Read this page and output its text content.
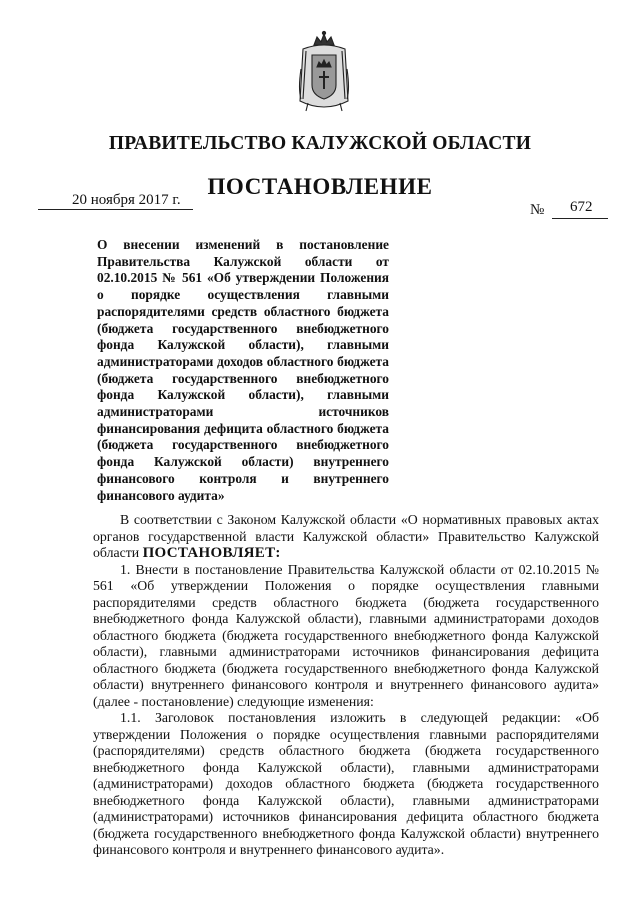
ПРАВИТЕЛЬСТВО КАЛУЖСКОЙ ОБЛАСТИ
ПОСТАНОВЛЕНИЕ
20 ноября 2017 г.
№ 672

О внесении изменений в постановление Правительства Калужской области от 02.10.2015 № 561 «Об утверждении Положения о порядке осуществления главными распорядителями средств областного бюджета (бюджета государственного внебюджетного фонда Калужской области), главными администраторами доходов областного бюджета (бюджета государственного внебюджетного фонда Калужской области), главными администраторами источников финансирования дефицита областного бюджета (бюджета государственного внебюджетного фонда Калужской области) внутреннего финансового контроля и внутреннего финансового аудита»

В соответствии с Законом Калужской области «О нормативных правовых актах органов государственной власти Калужской области» Правительство Калужской области ПОСТАНОВЛЯЕТ:

1. Внести в постановление Правительства Калужской области от 02.10.2015 № 561 «Об утверждении Положения о порядке осуществления главными распорядителями средств областного бюджета (бюджета государственного внебюджетного фонда Калужской области), главными администраторами доходов областного бюджета (бюджета государственного внебюджетного фонда Калужской области), главными администраторами источников финансирования дефицита областного бюджета (бюджета государственного внебюджетного фонда Калужской области) внутреннего финансового контроля и внутреннего финансового аудита» (далее - постановление) следующие изменения:

1.1. Заголовок постановления изложить в следующей редакции: «Об утверждении Положения о порядке осуществления главными распорядителями (распорядителями) средств областного бюджета (бюджета государственного внебюджетного фонда Калужской области), главными администраторами (администраторами) доходов областного бюджета (бюджета государственного внебюджетного фонда Калужской области), главными администраторами (администраторами) источников финансирования дефицита областного бюджета (бюджета государственного внебюджетного фонда Калужской области) внутреннего финансового контроля и внутреннего финансового аудита».
